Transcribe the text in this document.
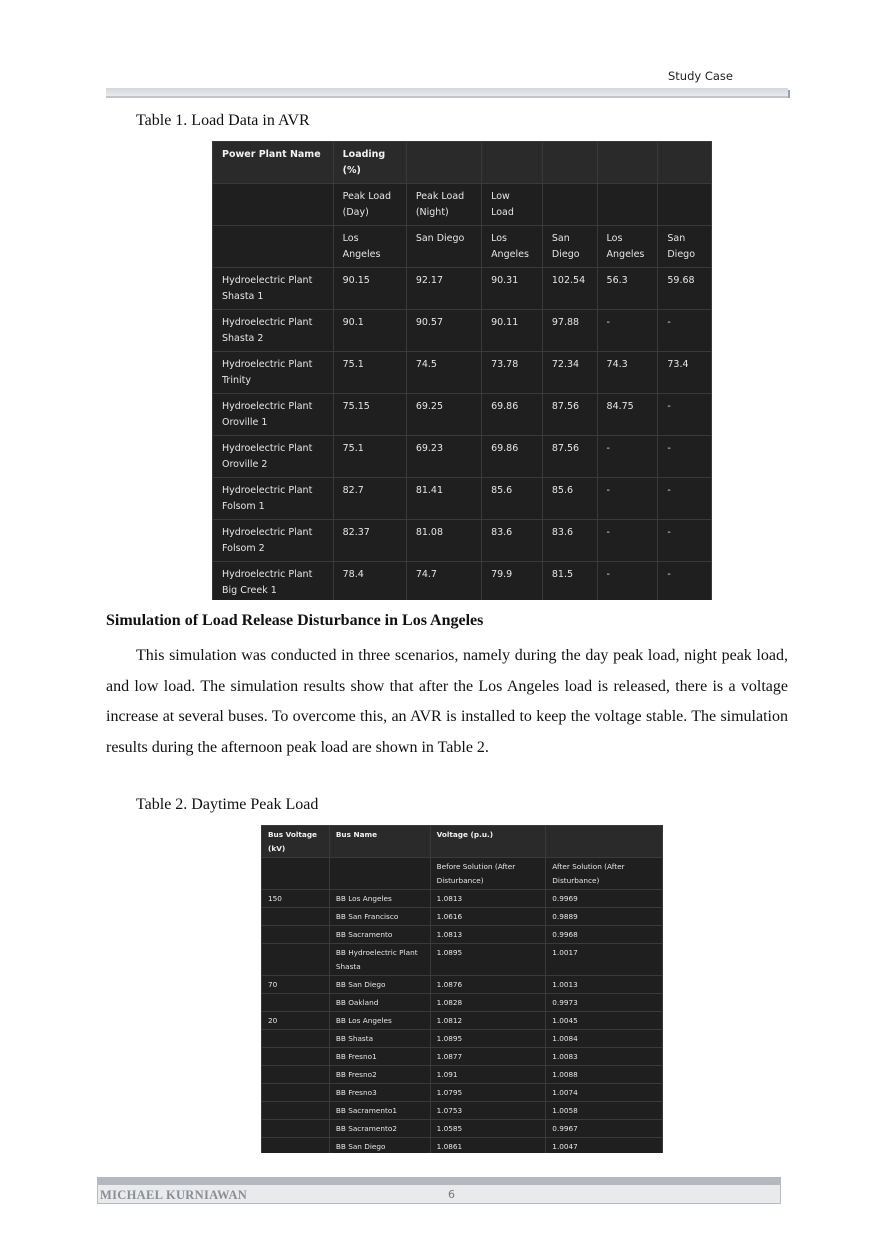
Study Case
Table 1. Load Data in AVR
Power Plant Name	Loading (%)					
	Peak Load (Day)	Peak Load (Night)	Low Load			
	Los Angeles	San Diego	Los Angeles	San Diego	Los Angeles	San Diego
Hydroelectric Plant Shasta 1	90.15	92.17	90.31	102.54	56.3	59.68
Hydroelectric Plant Shasta 2	90.1	90.57	90.11	97.88	-	-
Hydroelectric Plant Trinity	75.1	74.5	73.78	72.34	74.3	73.4
Hydroelectric Plant Oroville 1	75.15	69.25	69.86	87.56	84.75	-
Hydroelectric Plant Oroville 2	75.1	69.23	69.86	87.56	-	-
Hydroelectric Plant Folsom 1	82.7	81.41	85.6	85.6	-	-
Hydroelectric Plant Folsom 2	82.37	81.08	83.6	83.6	-	-
Hydroelectric Plant Big Creek 1	78.4	74.7	79.9	81.5	-	-

Simulation of Load Release Disturbance in Los Angeles
This simulation was conducted in three scenarios, namely during the day peak load, night peak load, and low load. The simulation results show that after the Los Angeles load is released, there is a voltage increase at several buses. To overcome this, an AVR is installed to keep the voltage stable. The simulation results during the afternoon peak load are shown in Table 2.
Table 2. Daytime Peak Load
Bus Voltage (kV)	Bus Name	Voltage (p.u.)	
		Before Solution (After Disturbance)	After Solution (After Disturbance)
150	BB Los Angeles	1.0813	0.9969
	BB San Francisco	1.0616	0.9889
	BB Sacramento	1.0813	0.9968
	BB Hydroelectric Plant Shasta	1.0895	1.0017
70	BB San Diego	1.0876	1.0013
	BB Oakland	1.0828	0.9973
20	BB Los Angeles	1.0812	1.0045
	BB Shasta	1.0895	1.0084
	BB Fresno1	1.0877	1.0083
	BB Fresno2	1.091	1.0088
	BB Fresno3	1.0795	1.0074
	BB Sacramento1	1.0753	1.0058
	BB Sacramento2	1.0585	0.9967
	BB San Diego	1.0861	1.0047
MICHAEL KURNIAWAN	6
